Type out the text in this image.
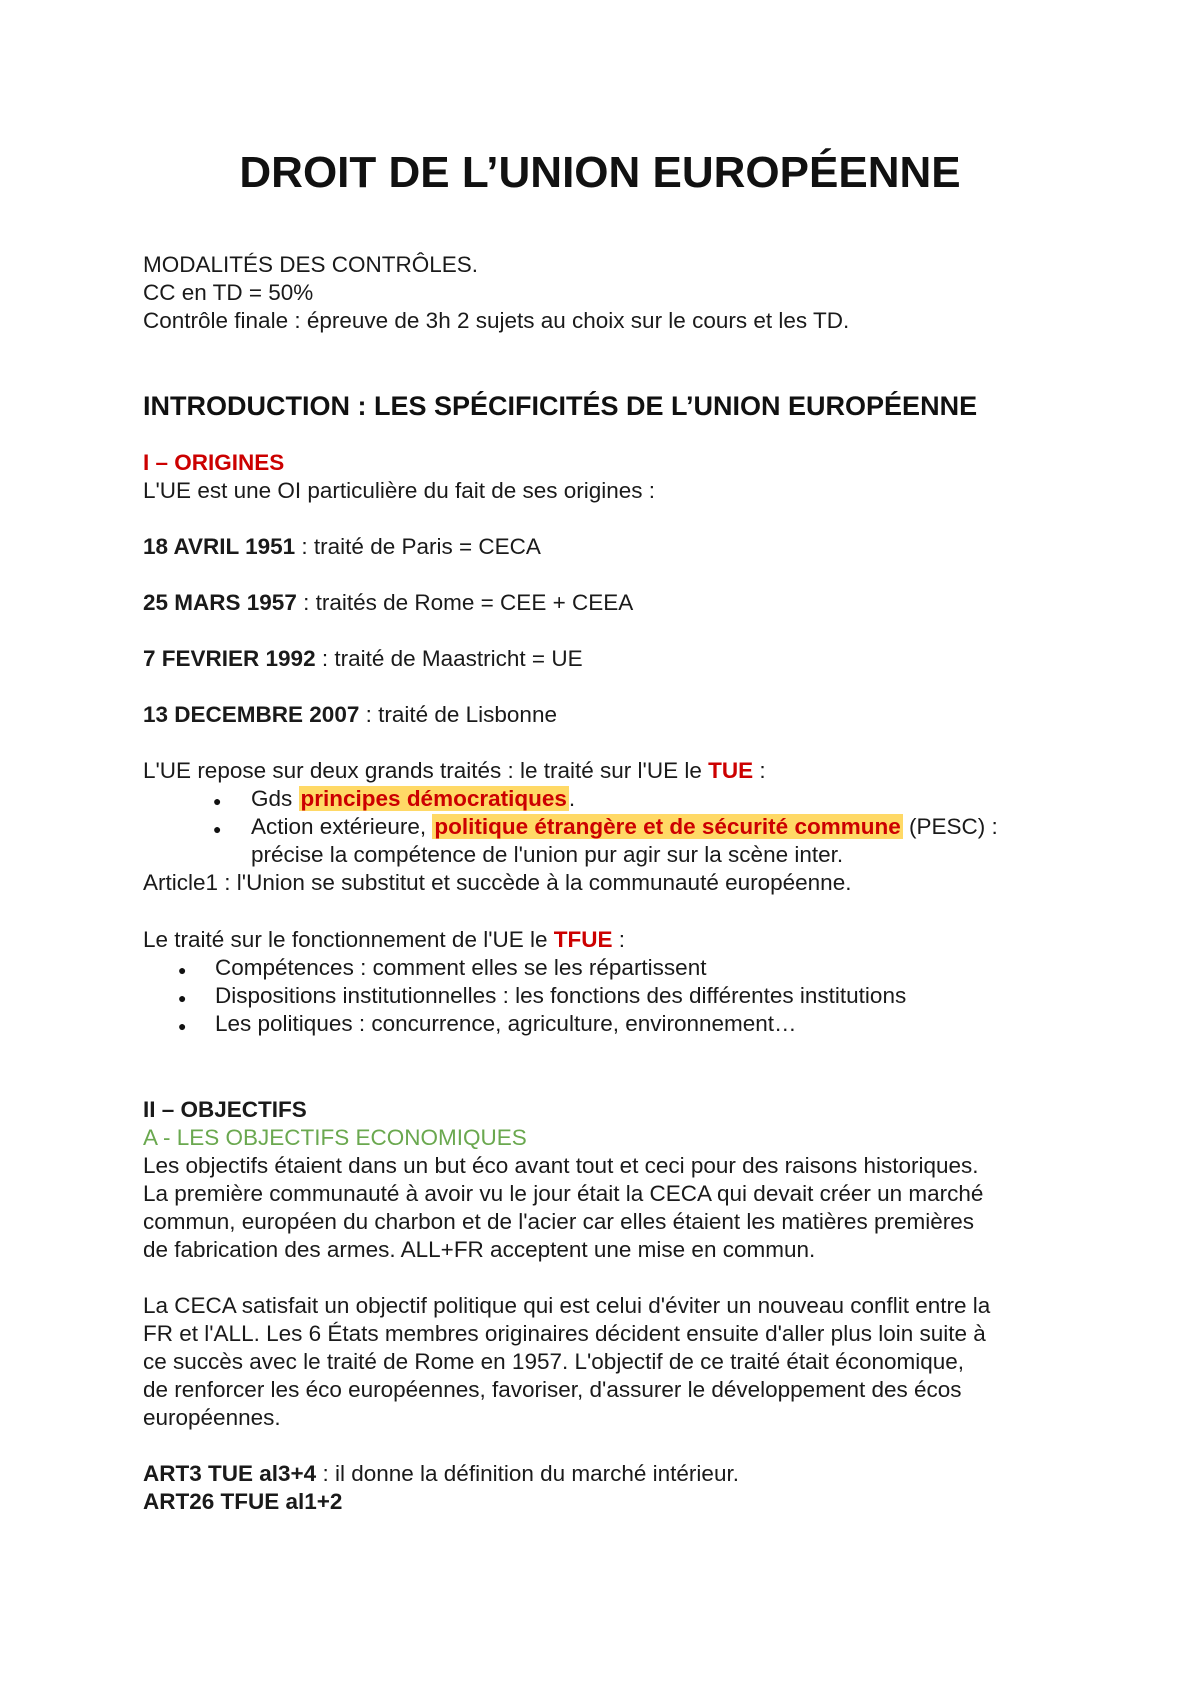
DROIT DE L’UNION EUROPÉENNE
MODALITÉS DES CONTRÔLES.
CC en TD = 50%
Contrôle finale : épreuve de 3h 2 sujets au choix sur le cours et les TD.
INTRODUCTION : LES SPÉCIFICITÉS DE L’UNION EUROPÉENNE
I – ORIGINES
L'UE est une OI particulière du fait de ses origines :
18 AVRIL 1951 : traité de Paris = CECA
25 MARS 1957 : traités de Rome = CEE + CEEA
7 FEVRIER 1992 : traité de Maastricht = UE
13 DECEMBRE 2007 : traité de Lisbonne
L'UE repose sur deux grands traités : le traité sur l'UE le TUE :
● Gds principes démocratiques.
● Action extérieure, politique étrangère et de sécurité commune (PESC) :
précise la compétence de l'union pur agir sur la scène inter.
Article1 : l'Union se substitut et succède à la communauté européenne.
Le traité sur le fonctionnement de l'UE le TFUE :
● Compétences : comment elles se les répartissent
● Dispositions institutionnelles : les fonctions des différentes institutions
● Les politiques : concurrence, agriculture, environnement…
II – OBJECTIFS
A - LES OBJECTIFS ECONOMIQUES
Les objectifs étaient dans un but éco avant tout et ceci pour des raisons historiques.
La première communauté à avoir vu le jour était la CECA qui devait créer un marché
commun, européen du charbon et de l'acier car elles étaient les matières premières
de fabrication des armes. ALL+FR acceptent une mise en commun.
La CECA satisfait un objectif politique qui est celui d'éviter un nouveau conflit entre la
FR et l'ALL. Les 6 États membres originaires décident ensuite d'aller plus loin suite à
ce succès avec le traité de Rome en 1957. L'objectif de ce traité était économique,
de renforcer les éco européennes, favoriser, d'assurer le développement des écos
européennes.
ART3 TUE al3+4 : il donne la définition du marché intérieur.
ART26 TFUE al1+2
